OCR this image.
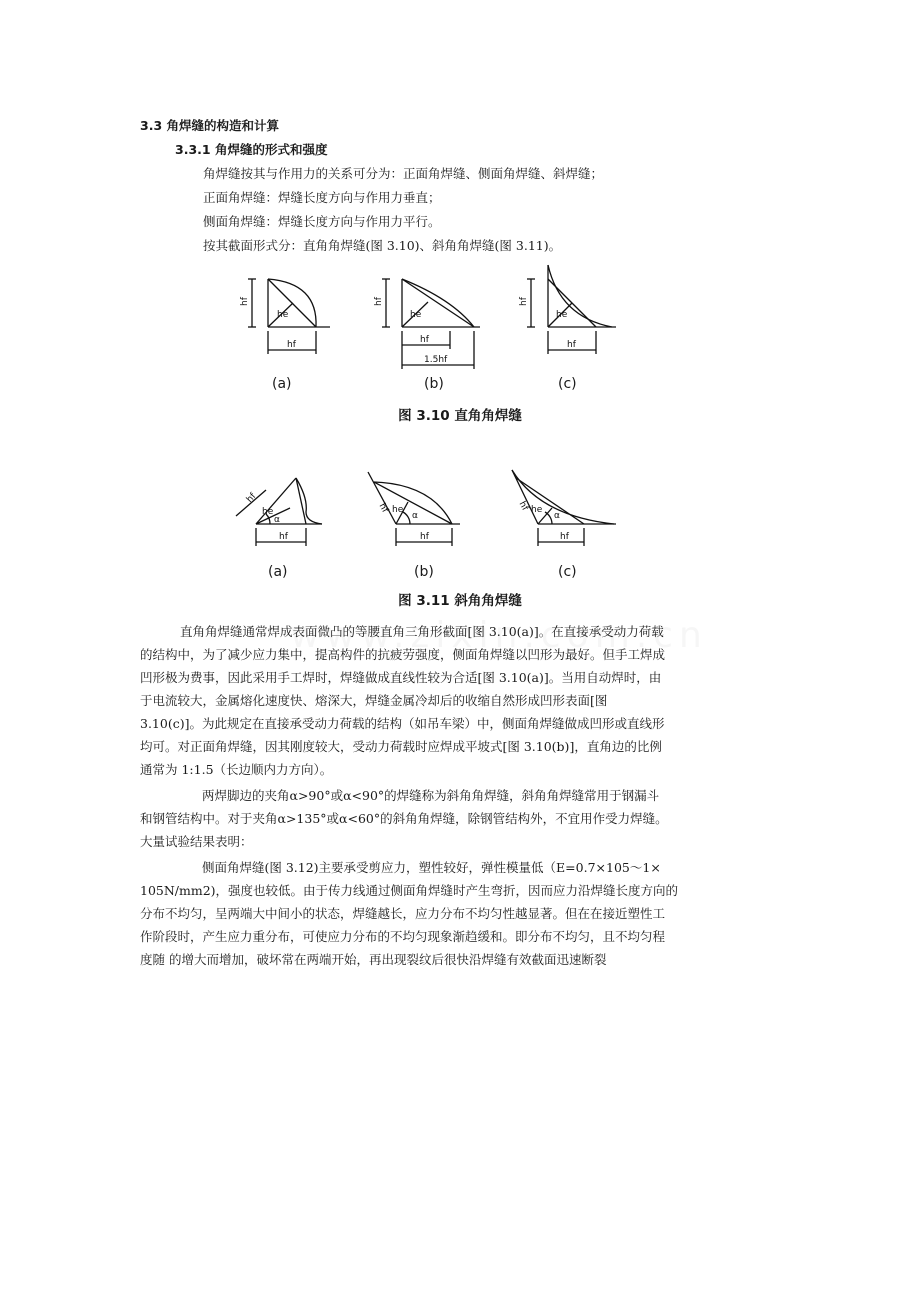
3.3 角焊缝的构造和计算
3.3.1 角焊缝的形式和强度
角焊缝按其与作用力的关系可分为：正面角焊缝、侧面角焊缝、斜焊缝；
正面角焊缝：焊缝长度方向与作用力垂直；
侧面角焊缝：焊缝长度方向与作用力平行。
按其截面形式分：直角角焊缝(图 3.10)、斜角角焊缝(图 3.11)。
hf
he
hf
hf
he
hf
1.5hf
hf
he
hf
(a)	(b)	(c)
图 3.10 直角角焊缝
hf
he
α
hf
hf he
α
hf
hf he
α
hf
(a)	(b)	(c)
图 3.11 斜角角焊缝

直角角焊缝通常焊成表面微凸的等腰直角三角形截面[图 3.10(a)]。在直接承受动力荷载

的结构中，为了减少应力集中，提高构件的抗疲劳强度，侧面角焊缝以凹形为最好。但手工焊成

凹形极为费事，因此采用手工焊时，焊缝做成直线性较为合适[图 3.10(a)]。当用自动焊时，由

于电流较大，金属熔化速度快、熔深大，焊缝金属冷却后的收缩自然形成凹形表面[图

3.10(c)]。为此规定在直接承受动力荷载的结构（如吊车梁）中，侧面角焊缝做成凹形或直线形

均可。对正面角焊缝，因其刚度较大，受动力荷载时应焊成平坡式[图 3.10(b)]，直角边的比例

通常为 1:1.5（长边顺内力方向）。

两焊脚边的夹角α>90°或α<90°的焊缝称为斜角角焊缝，斜角角焊缝常用于钢漏斗

和钢管结构中。对于夹角α>135°或α<60°的斜角角焊缝，除钢管结构外，不宜用作受力焊缝。

大量试验结果表明：

侧面角焊缝(图 3.12)主要承受剪应力，塑性较好，弹性模量低（E=0.7×105～1×

105N/mm2)，强度也较低。由于传力线通过侧面角焊缝时产生弯折，因而应力沿焊缝长度方向的

分布不均匀，呈两端大中间小的状态，焊缝越长，应力分布不均匀性越显著。但在在接近塑性工

作阶段时，产生应力重分布，可使应力分布的不均匀现象渐趋缓和。即分布不均匀，且不均匀程

度随 的增大而增加，破坏常在两端开始，再出现裂纹后很快沿焊缝有效截面迅速断裂
